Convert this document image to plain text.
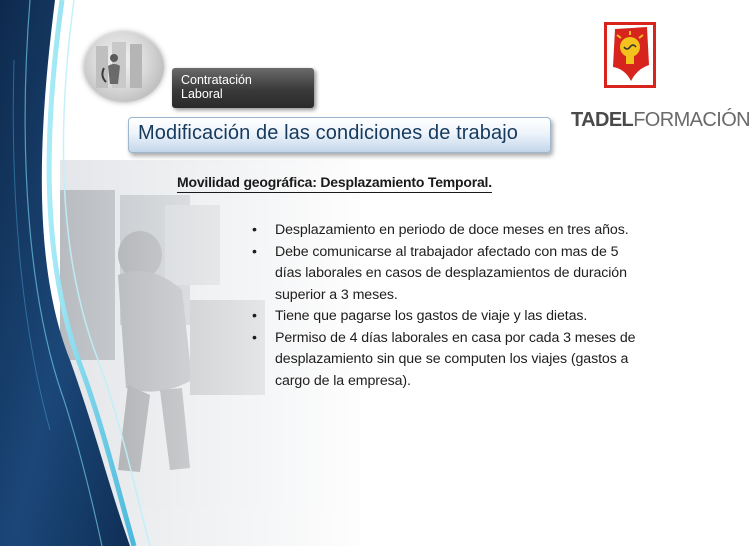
Contratación
Laboral
Modificación de las condiciones de trabajo
TADELFORMACIÓN
Movilidad geográfica: Desplazamiento Temporal.
• Desplazamiento en periodo de doce meses en tres años.
• Debe comunicarse al trabajador afectado con mas de 5
días laborales en casos de desplazamientos de duración
superior a 3 meses.
• Tiene que pagarse los gastos de viaje y las dietas.
• Permiso de 4 días laborales en casa por cada 3 meses de
desplazamiento sin que se computen los viajes (gastos a
cargo de la empresa).
